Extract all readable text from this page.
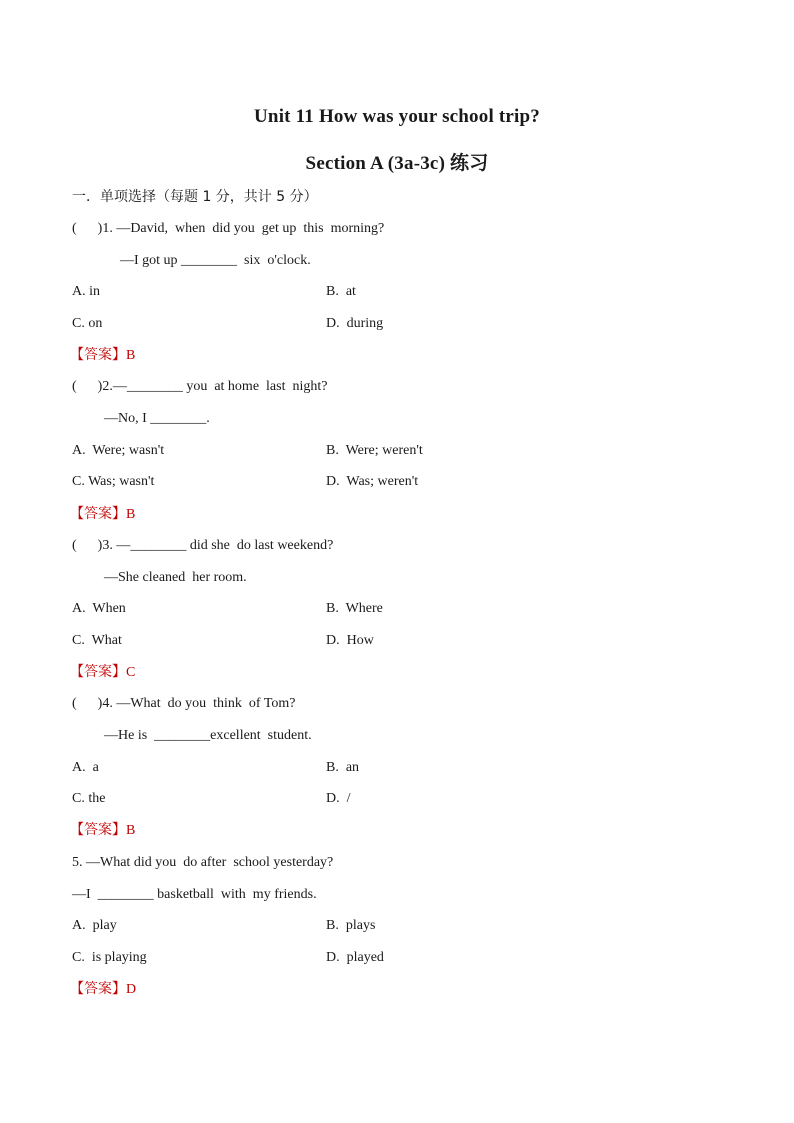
Unit 11 How was your school trip?
Section A (3a-3c) 练习
一．单项选择（每题 1 分，共计 5 分）
(      )1. —David,  when  did you  get up  this  morning?
—I got up ________  six  o'clock.
A. in	B.  at
C. on	D.  during
【答案】B
(      )2.—________ you  at home  last  night?
—No, I ________.
A.  Were; wasn't	B.  Were; weren't
C. Was; wasn't	D.  Was; weren't
【答案】B
(      )3. —________ did she  do last weekend?
—She cleaned  her room.
A.  When	B.  Where
C.  What	D.  How
【答案】C
(      )4. —What  do you  think  of Tom?
—He is  ________excellent  student.
A.  a	B.  an
C. the	D.  /
【答案】B
5. —What did you  do after  school yesterday?
—I  ________ basketball  with  my friends.
A.  play	B.  plays
C.  is playing	D.  played
【答案】D
